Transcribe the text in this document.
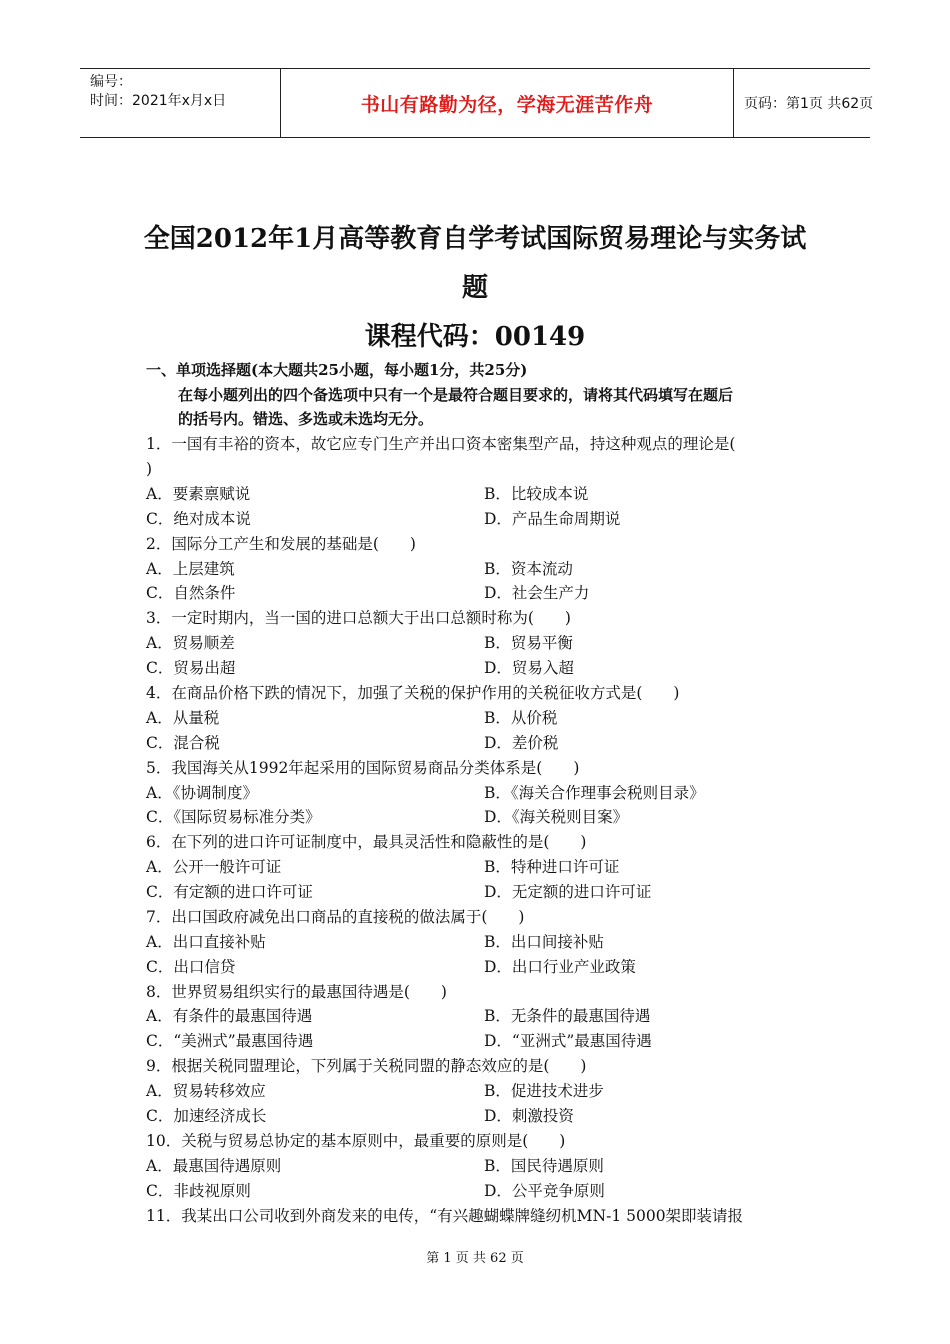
编号：
时间：2021年x月x日	书山有路勤为径，学海无涯苦作舟	页码：第1页 共62页
全国2012年1月高等教育自学考试国际贸易理论与实务试
题
课程代码：00149
一、单项选择题(本大题共25小题，每小题1分，共25分)
在每小题列出的四个备选项中只有一个是最符合题目要求的，请将其代码填写在题后
的括号内。错选、多选或未选均无分。
1．一国有丰裕的资本，故它应专门生产并出口资本密集型产品，持这种观点的理论是(
)
A．要素禀赋说	B．比较成本说
C．绝对成本说	D．产品生命周期说
2．国际分工产生和发展的基础是(　　)
A．上层建筑	B．资本流动
C．自然条件	D．社会生产力
3．一定时期内，当一国的进口总额大于出口总额时称为(　　)
A．贸易顺差	B．贸易平衡
C．贸易出超	D．贸易入超
4．在商品价格下跌的情况下，加强了关税的保护作用的关税征收方式是(　　)
A．从量税	B．从价税
C．混合税	D．差价税
5．我国海关从1992年起采用的国际贸易商品分类体系是(　　)
A．《协调制度》	B．《海关合作理事会税则目录》
C．《国际贸易标准分类》	D．《海关税则目案》
6．在下列的进口许可证制度中，最具灵活性和隐蔽性的是(　　)
A．公开一般许可证	B．特种进口许可证
C．有定额的进口许可证	D．无定额的进口许可证
7．出口国政府减免出口商品的直接税的做法属于(　　)
A．出口直接补贴	B．出口间接补贴
C．出口信贷	D．出口行业产业政策
8．世界贸易组织实行的最惠国待遇是(　　)
A．有条件的最惠国待遇	B．无条件的最惠国待遇
C．“美洲式”最惠国待遇	D．“亚洲式”最惠国待遇
9．根据关税同盟理论，下列属于关税同盟的静态效应的是(　　)
A．贸易转移效应	B．促进技术进步
C．加速经济成长	D．刺激投资
10．关税与贸易总协定的基本原则中，最重要的原则是(　　)
A．最惠国待遇原则	B．国民待遇原则
C．非歧视原则	D．公平竞争原则
11．我某出口公司收到外商发来的电传，“有兴趣蝴蝶牌缝纫机MN-1 5000架即装请报
第 1 页 共 62 页
